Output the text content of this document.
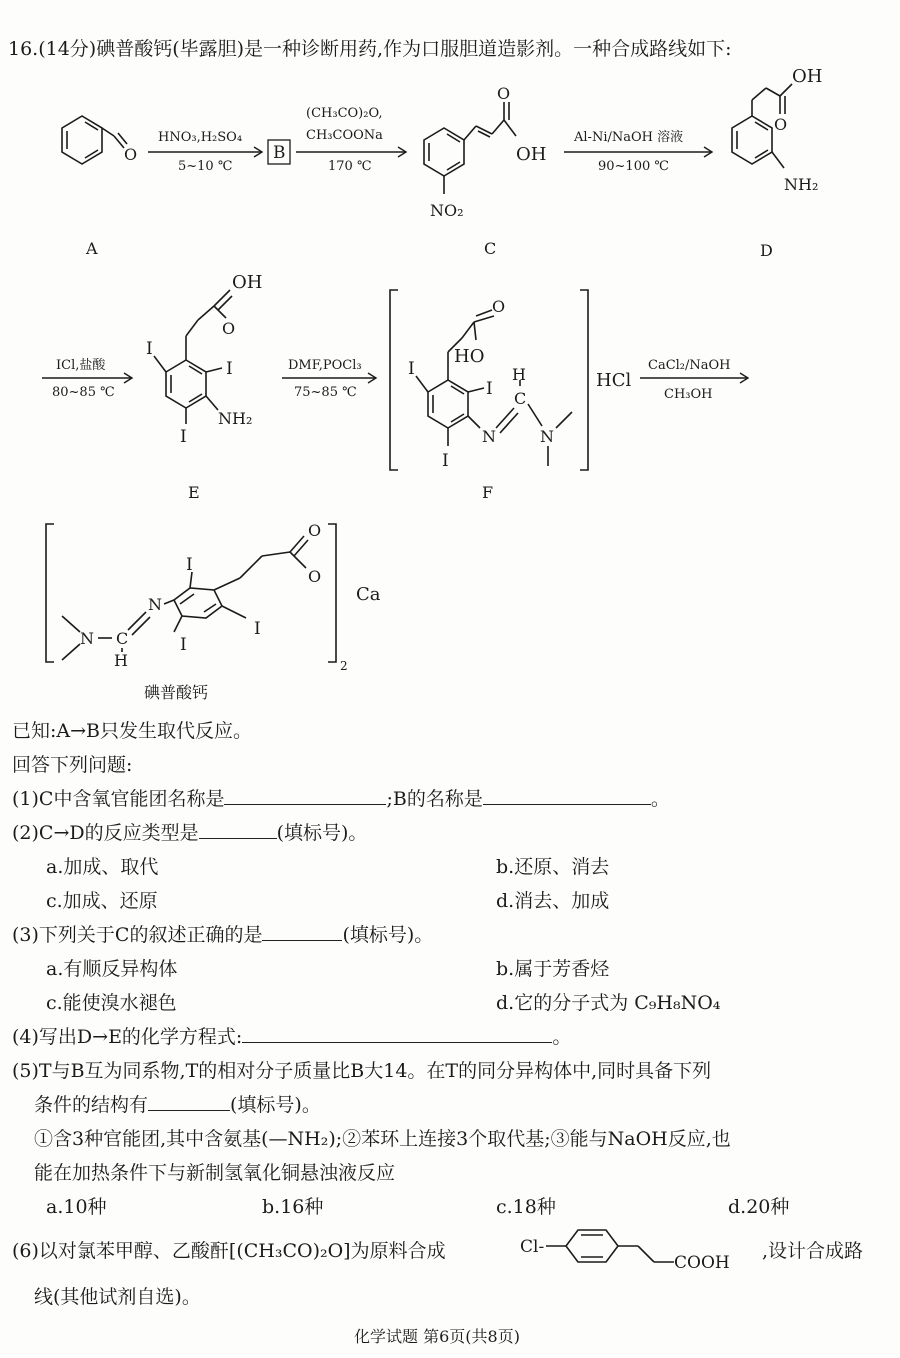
16.(14分)碘普酸钙(毕露胆)是一种诊断用药,作为口服胆道造影剂。一种合成路线如下:
O
A
HNO₃,H₂SO₄
5~10 ℃
B
(CH₃CO)₂O,
CH₃COONa
170 ℃
O
OH
NO₂
C
Al-Ni/NaOH 溶液
90~100 ℃
OH
O
NH₂
D
ICl,盐酸
80~85 ℃
OH
O
I
I
NH₂
I
E
DMF,POCl₃
75~85 ℃
O
HO
I
I
I
N
C
H
N
HCl
F
CaCl₂/NaOH
CH₃OH
I
O
O
I
I
N
C
H
N
Ca
2
碘普酸钙
已知:A→B只发生取代反应。
回答下列问题:
(1)C中含氧官能团名称是	;B的名称是	。
(2)C→D的反应类型是	(填标号)。
a.加成、取代	b.还原、消去
c.加成、还原	d.消去、加成
(3)下列关于C的叙述正确的是	(填标号)。
a.有顺反异构体	b.属于芳香烃
c.能使溴水褪色	d.它的分子式为 C₉H₈NO₄
(4)写出D→E的化学方程式:	。
(5)T与B互为同系物,T的相对分子质量比B大14。在T的同分异构体中,同时具备下列
条件的结构有	(填标号)。
①含3种官能团,其中含氨基(—NH₂);②苯环上连接3个取代基;③能与NaOH反应,也
能在加热条件下与新制氢氧化铜悬浊液反应
a.10种	b.16种	c.18种	d.20种
(6)以对氯苯甲醇、乙酸酐[(CH₃CO)₂O]为原料合成	Cl-
COOH
,设计合成路
线(其他试剂自选)。
化学试题 第6页(共8页)
